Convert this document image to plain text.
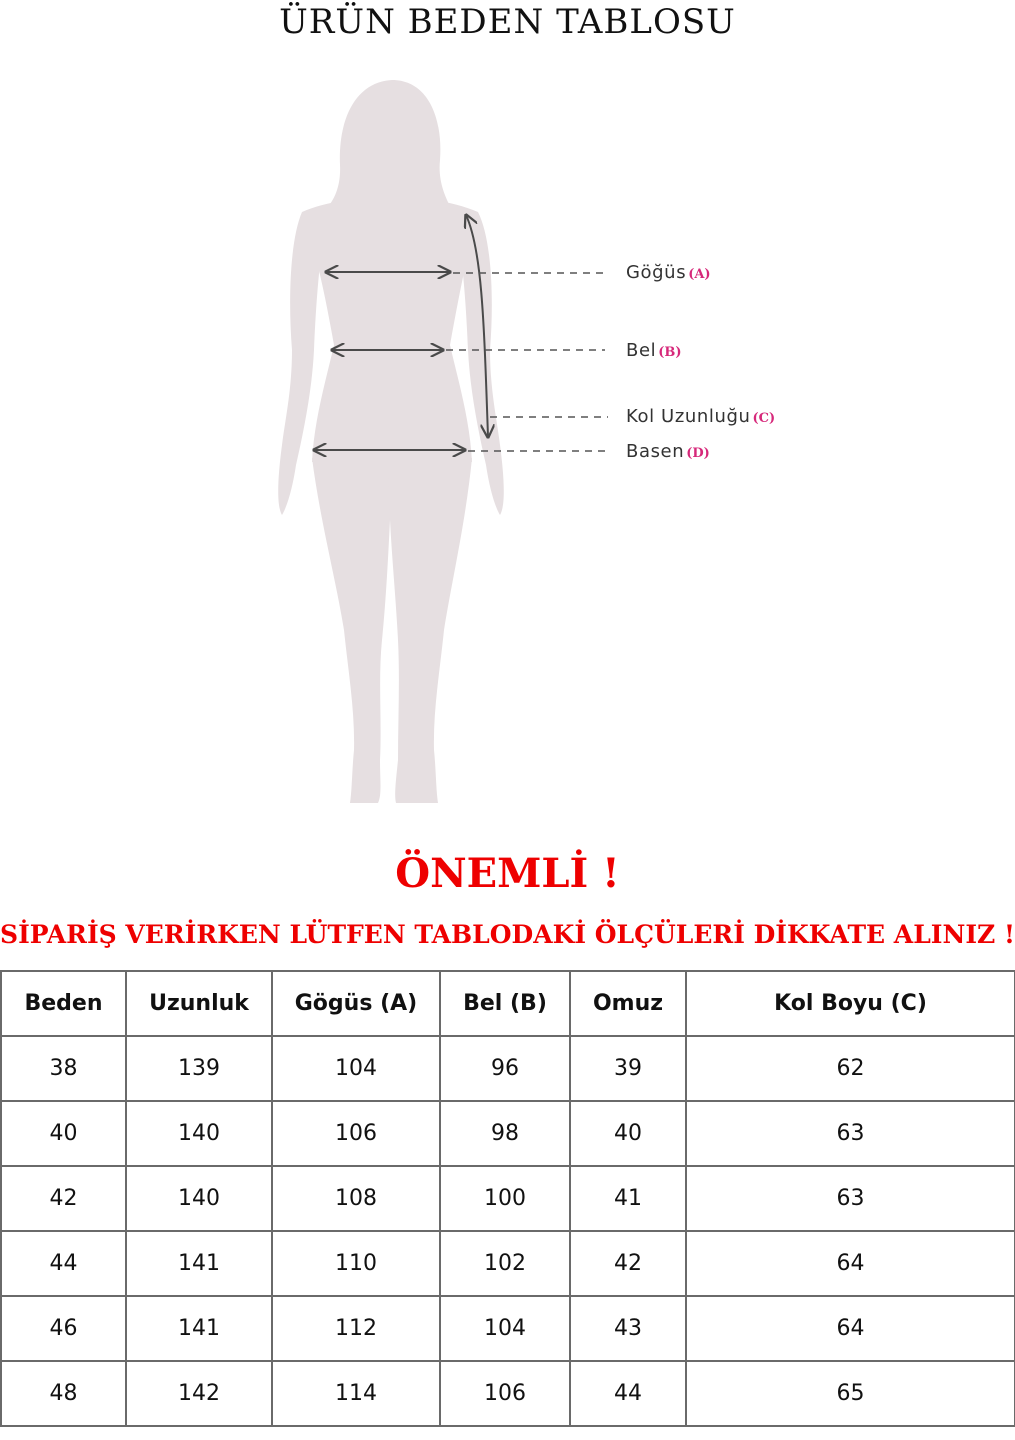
ÜRÜN BEDEN TABLOSU
Göğüs (A)
Bel (B)
Kol Uzunluğu (C)
Basen (D)
ÖNEMLİ !
SİPARİŞ VERİRKEN LÜTFEN TABLODAKİ ÖLÇÜLERİ DİKKATE ALINIZ !
Beden	Uzunluk	Gögüs (A)	Bel (B)	Omuz	Kol Boyu (C)
38	139	104	96	39	62
40	140	106	98	40	63
42	140	108	100	41	63
44	141	110	102	42	64
46	141	112	104	43	64
48	142	114	106	44	65
